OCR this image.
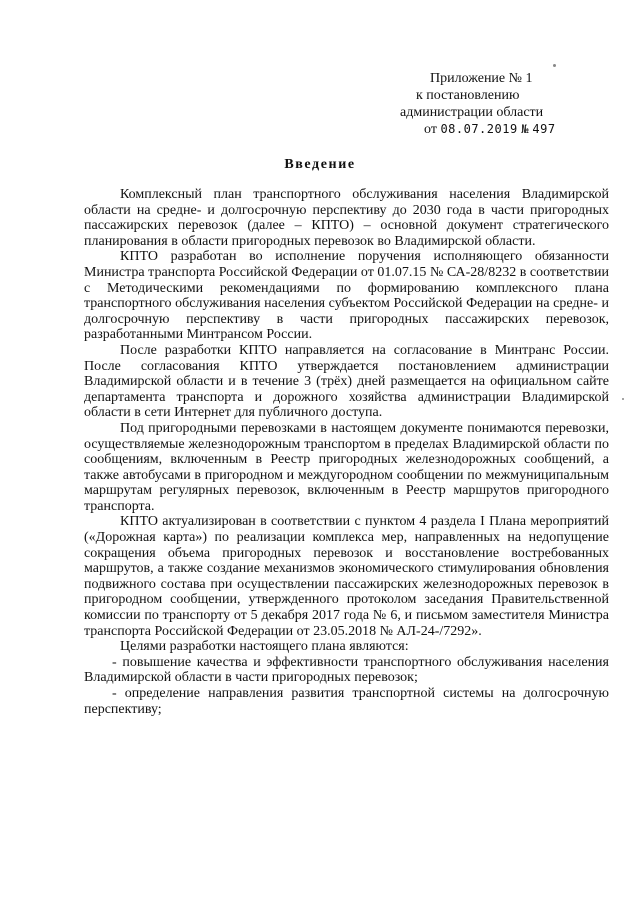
Приложение № 1
к постановлению
администрации области
от 08.07.2019 № 497
Введение

Комплексный план транспортного обслуживания населения Владимирской области на средне- и долгосрочную перспективу до 2030 года в части пригородных пассажирских перевозок (далее – КПТО) – основной документ стратегического планирования в области пригородных перевозок во Владимирской области.

КПТО разработан во исполнение поручения исполняющего обязанности Министра транспорта Российской Федерации от 01.07.15 № СА-28/8232 в соответствии с Методическими рекомендациями по формированию комплексного плана транспортного обслуживания населения субъектом Российской Федерации на средне- и долгосрочную перспективу в части пригородных пассажирских перевозок, разработанными Минтрансом России.

После разработки КПТО направляется на согласование в Минтранс России. После согласования КПТО утверждается постановлением администрации Владимирской области и в течение 3 (трёх) дней размещается на официальном сайте департамента транспорта и дорожного хозяйства администрации Владимирской области в сети Интернет для публичного доступа.

Под пригородными перевозками в настоящем документе понимаются перевозки, осуществляемые железнодорожным транспортом в пределах Владимирской области по сообщениям, включенным в Реестр пригородных железнодорожных сообщений, а также автобусами в пригородном и междугородном сообщении по межмуниципальным маршрутам регулярных перевозок, включенным в Реестр маршрутов пригородного транспорта.

КПТО актуализирован в соответствии с пунктом 4 раздела I Плана мероприятий («Дорожная карта») по реализации комплекса мер, направленных на недопущение сокращения объема пригородных перевозок и восстановление востребованных маршрутов, а также создание механизмов экономического стимулирования обновления подвижного состава при осуществлении пассажирских железнодорожных перевозок в пригородном сообщении, утвержденного протоколом заседания Правительственной комиссии по транспорту от 5 декабря 2017 года № 6, и письмом заместителя Министра транспорта Российской Федерации от 23.05.2018 № АЛ-24-/7292».

Целями разработки настоящего плана являются:

- повышение качества и эффективности транспортного обслуживания населения Владимирской области в части пригородных перевозок;

- определение направления развития транспортной системы на долгосрочную перспективу;
